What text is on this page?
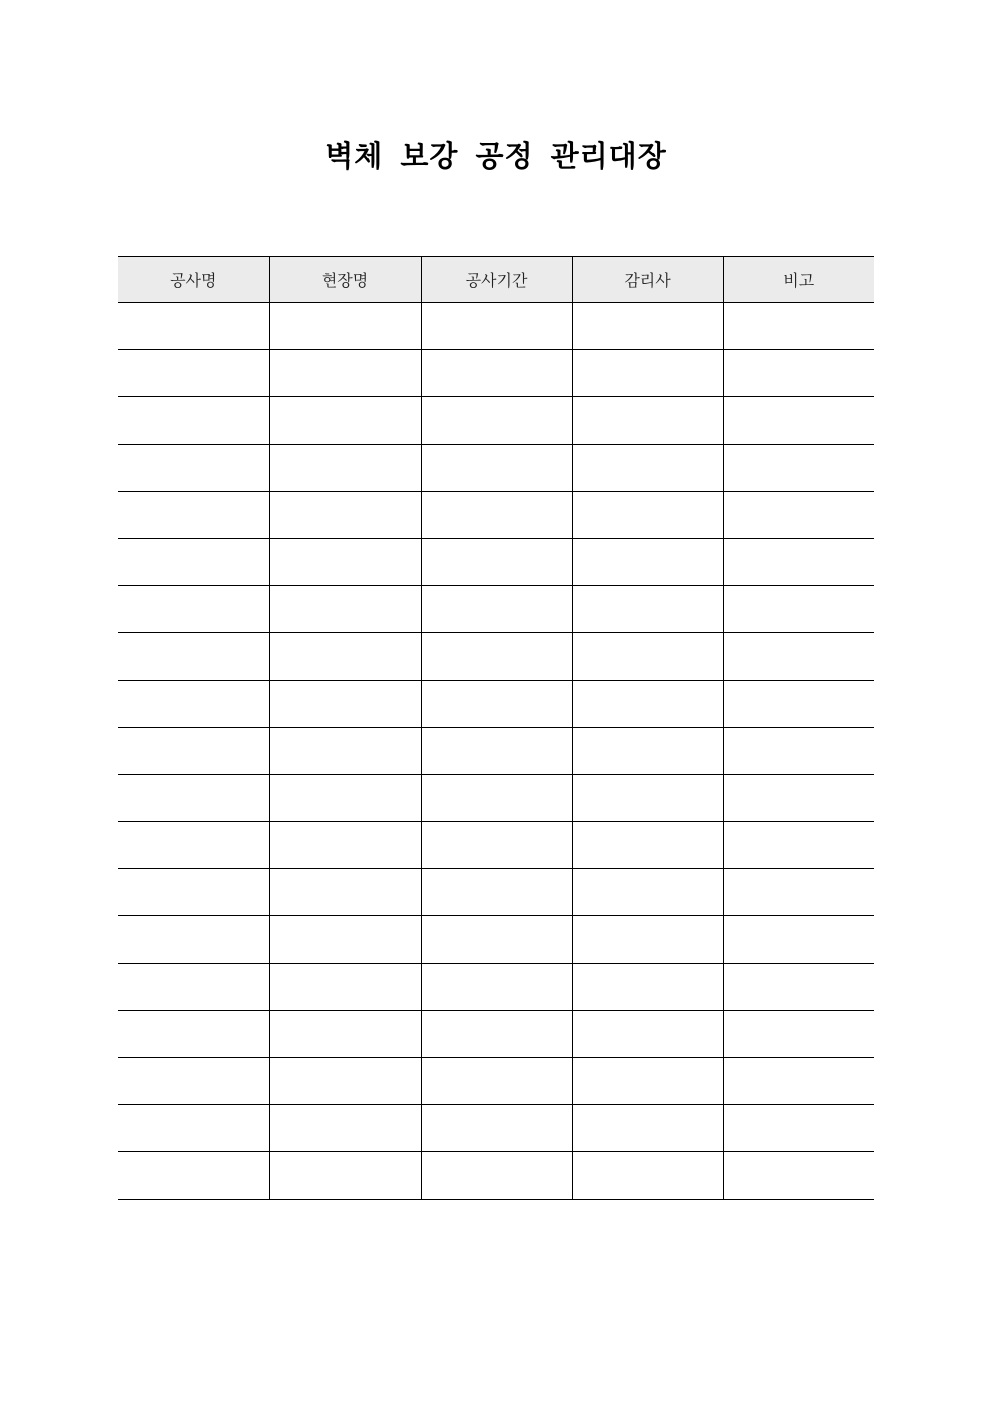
벽체 보강 공정 관리대장
공사명	현장명	공사기간	감리사	비고
